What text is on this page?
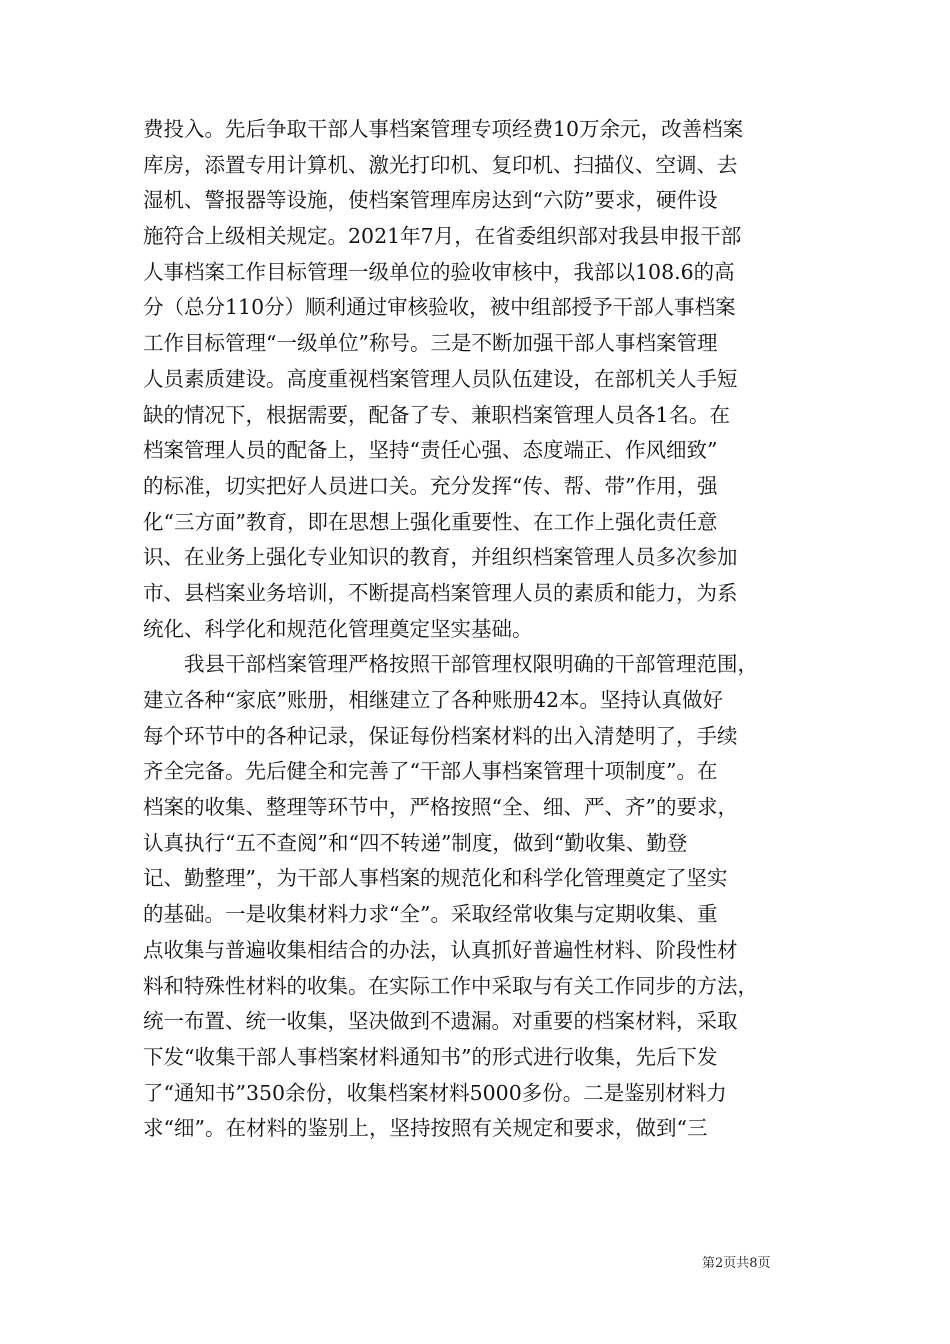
费投入。先后争取干部人事档案管理专项经费10万余元，改善档案
库房，添置专用计算机、激光打印机、复印机、扫描仪、空调、去
湿机、警报器等设施，使档案管理库房达到“六防”要求，硬件设
施符合上级相关规定。2021年7月，在省委组织部对我县申报干部
人事档案工作目标管理一级单位的验收审核中，我部以108.6的高
分（总分110分）顺利通过审核验收，被中组部授予干部人事档案
工作目标管理“一级单位”称号。三是不断加强干部人事档案管理
人员素质建设。高度重视档案管理人员队伍建设，在部机关人手短
缺的情况下，根据需要，配备了专、兼职档案管理人员各1名。在
档案管理人员的配备上，坚持“责任心强、态度端正、作风细致”
的标准，切实把好人员进口关。充分发挥“传、帮、带”作用，强
化“三方面”教育，即在思想上强化重要性、在工作上强化责任意
识、在业务上强化专业知识的教育，并组织档案管理人员多次参加
市、县档案业务培训，不断提高档案管理人员的素质和能力，为系
统化、科学化和规范化管理奠定坚实基础。
我县干部档案管理严格按照干部管理权限明确的干部管理范围，
建立各种“家底”账册，相继建立了各种账册42本。坚持认真做好
每个环节中的各种记录，保证每份档案材料的出入清楚明了，手续
齐全完备。先后健全和完善了“干部人事档案管理十项制度”。在
档案的收集、整理等环节中，严格按照“全、细、严、齐”的要求，
认真执行“五不查阅”和“四不转递”制度，做到“勤收集、勤登
记、勤整理”，为干部人事档案的规范化和科学化管理奠定了坚实
的基础。一是收集材料力求“全”。采取经常收集与定期收集、重
点收集与普遍收集相结合的办法，认真抓好普遍性材料、阶段性材
料和特殊性材料的收集。在实际工作中采取与有关工作同步的方法，
统一布置、统一收集，坚决做到不遗漏。对重要的档案材料，采取
下发“收集干部人事档案材料通知书”的形式进行收集，先后下发
了“通知书”350余份，收集档案材料5000多份。二是鉴别材料力
求“细”。在材料的鉴别上，坚持按照有关规定和要求，做到“三
第2页共8页
